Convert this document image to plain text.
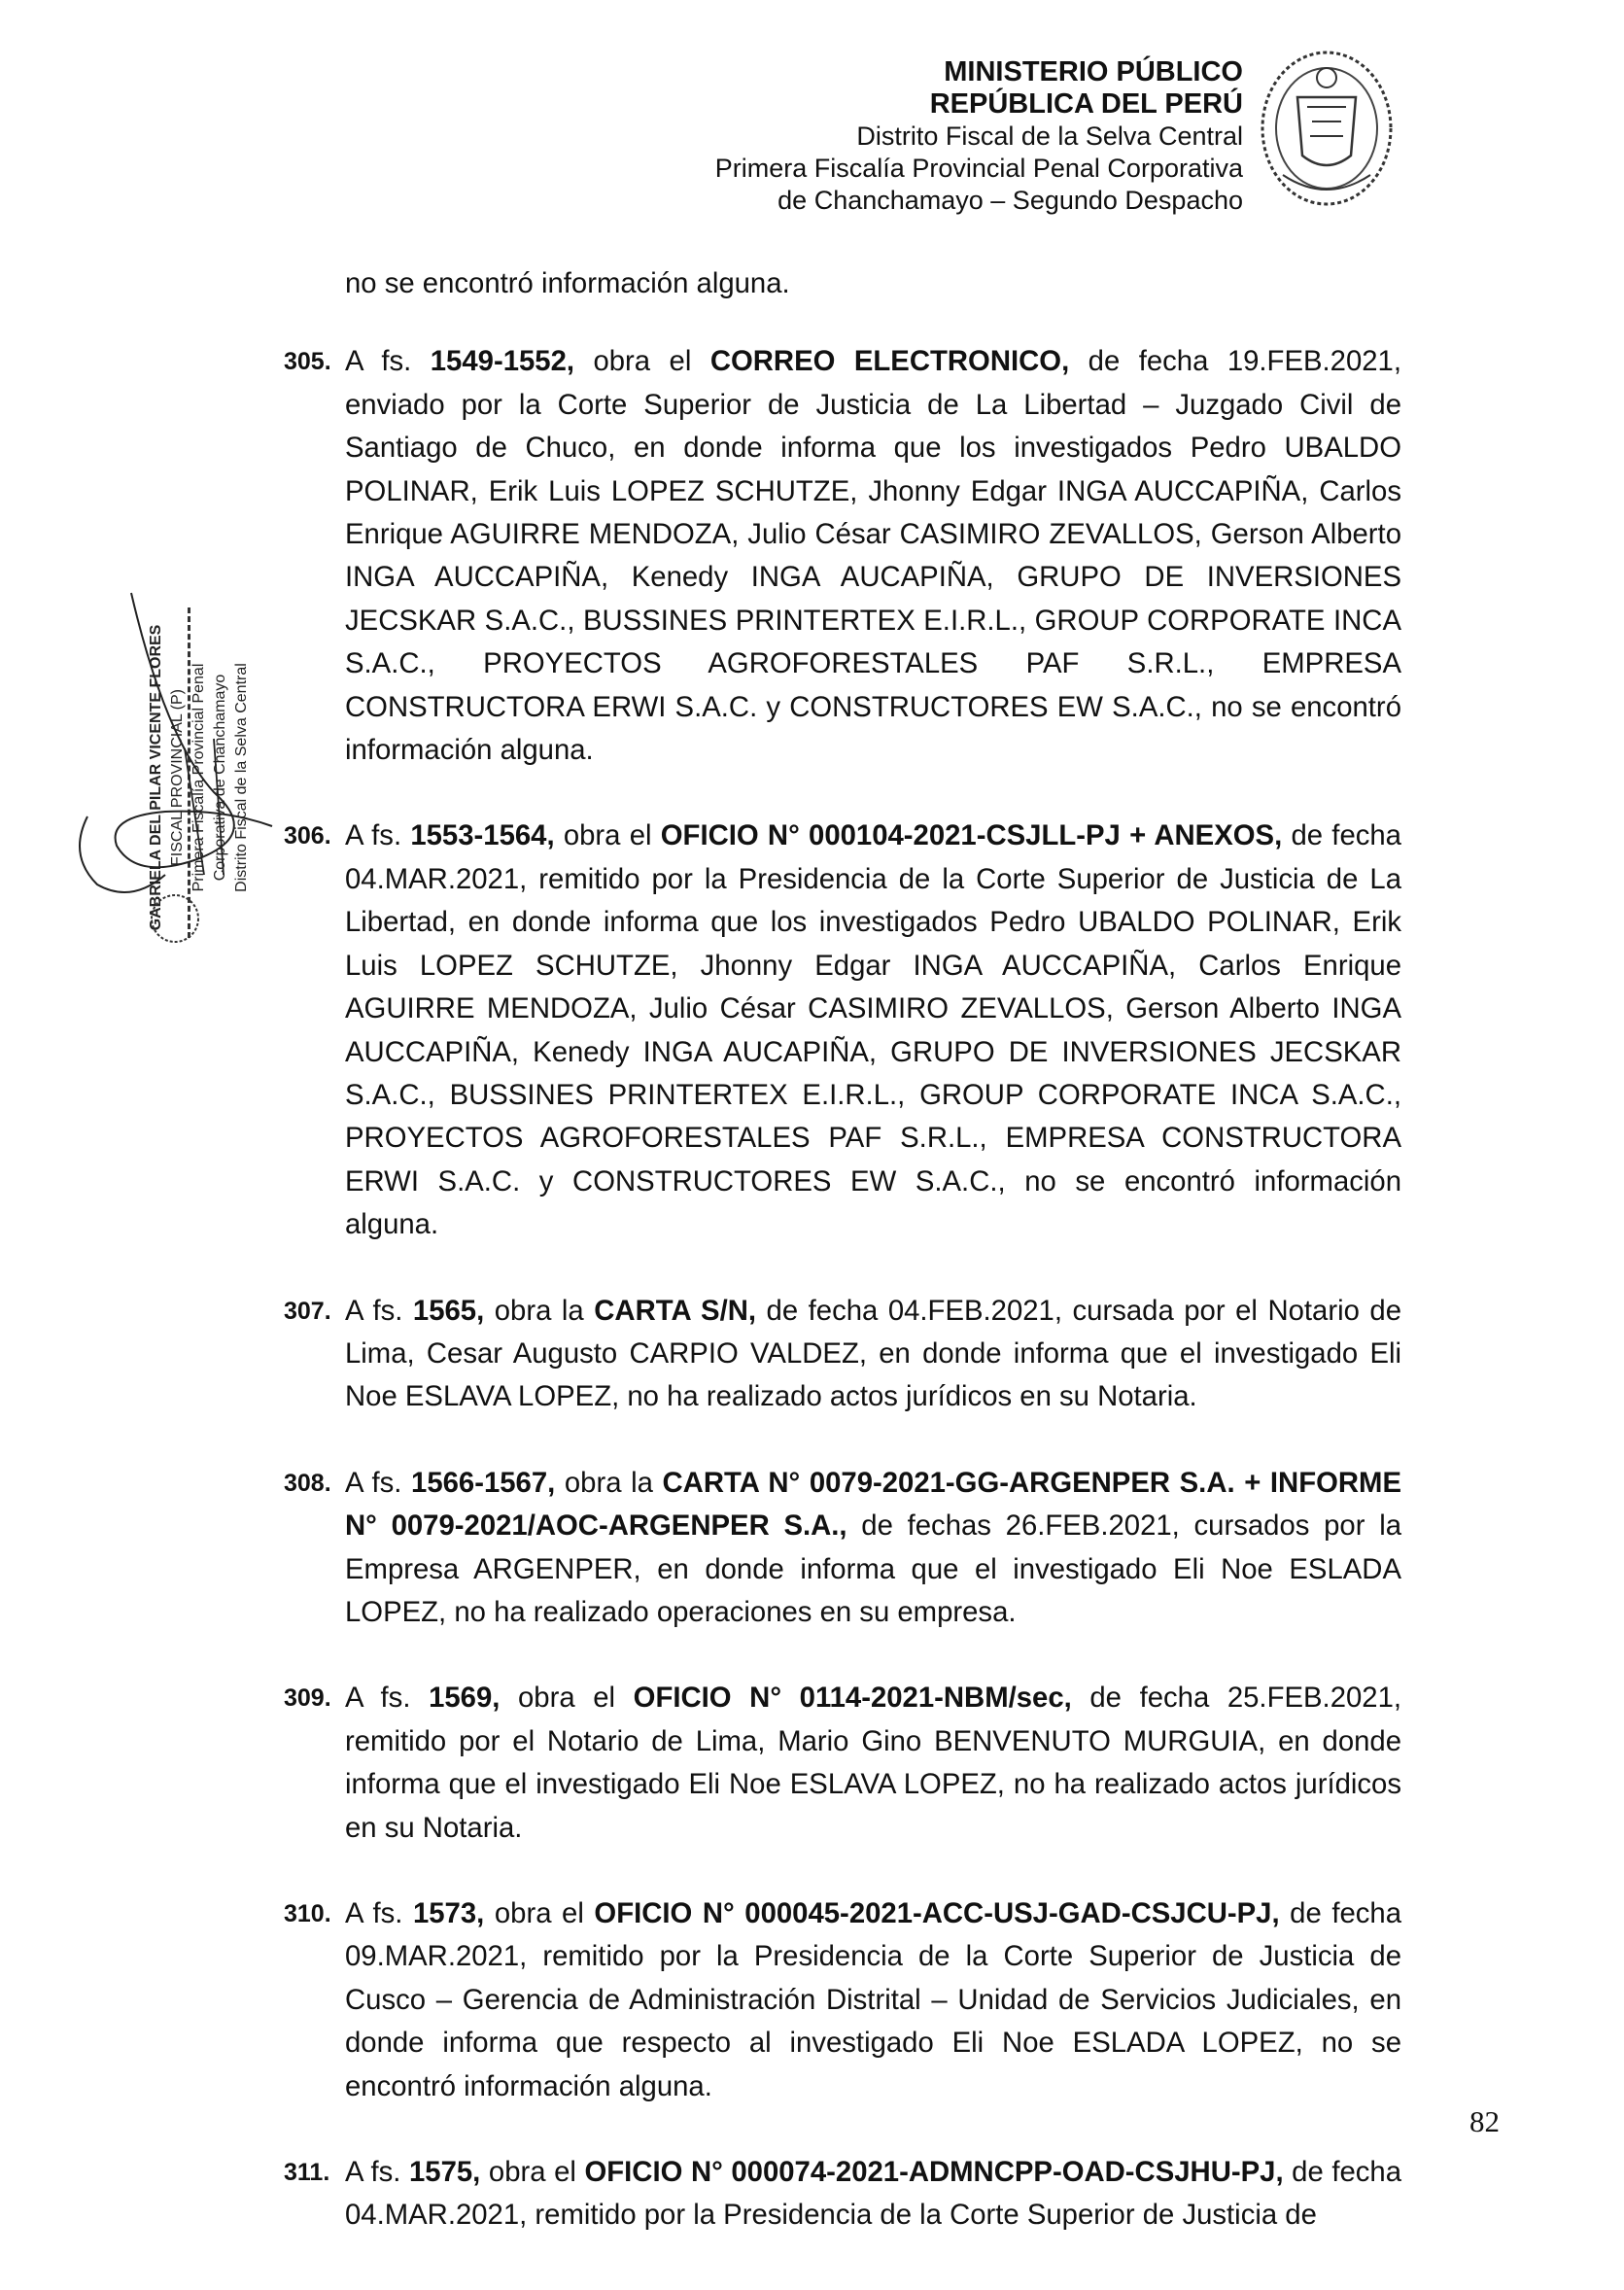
MINISTERIO PÚBLICO
REPÚBLICA DEL PERÚ
Distrito Fiscal de la Selva Central
Primera Fiscalía Provincial Penal Corporativa
de Chanchamayo – Segundo Despacho
GABRIELA DEL PILAR VICENTE FLORES FISCAL PROVINCIAL (P) Primera Fiscalía Provincial Penal Corporativa de Chanchamayo Distrito Fiscal de la Selva Central

no se encontró información alguna.

305. A fs. 1549-1552, obra el CORREO ELECTRONICO, de fecha 19.FEB.2021, enviado por la Corte Superior de Justicia de La Libertad – Juzgado Civil de Santiago de Chuco, en donde informa que los investigados Pedro UBALDO POLINAR, Erik Luis LOPEZ SCHUTZE, Jhonny Edgar INGA AUCCAPIÑA, Carlos Enrique AGUIRRE MENDOZA, Julio César CASIMIRO ZEVALLOS, Gerson Alberto INGA AUCCAPIÑA, Kenedy INGA AUCAPIÑA, GRUPO DE INVERSIONES JECSKAR S.A.C., BUSSINES PRINTERTEX E.I.R.L., GROUP CORPORATE INCA S.A.C., PROYECTOS AGROFORESTALES PAF S.R.L., EMPRESA CONSTRUCTORA ERWI S.A.C. y CONSTRUCTORES EW S.A.C., no se encontró información alguna.

306. A fs. 1553-1564, obra el OFICIO N° 000104-2021-CSJLL-PJ + ANEXOS, de fecha 04.MAR.2021, remitido por la Presidencia de la Corte Superior de Justicia de La Libertad, en donde informa que los investigados Pedro UBALDO POLINAR, Erik Luis LOPEZ SCHUTZE, Jhonny Edgar INGA AUCCAPIÑA, Carlos Enrique AGUIRRE MENDOZA, Julio César CASIMIRO ZEVALLOS, Gerson Alberto INGA AUCCAPIÑA, Kenedy INGA AUCAPIÑA, GRUPO DE INVERSIONES JECSKAR S.A.C., BUSSINES PRINTERTEX E.I.R.L., GROUP CORPORATE INCA S.A.C., PROYECTOS AGROFORESTALES PAF S.R.L., EMPRESA CONSTRUCTORA ERWI S.A.C. y CONSTRUCTORES EW S.A.C., no se encontró información alguna.

307. A fs. 1565, obra la CARTA S/N, de fecha 04.FEB.2021, cursada por el Notario de Lima, Cesar Augusto CARPIO VALDEZ, en donde informa que el investigado Eli Noe ESLAVA LOPEZ, no ha realizado actos jurídicos en su Notaria.

308. A fs. 1566-1567, obra la CARTA N° 0079-2021-GG-ARGENPER S.A. + INFORME N° 0079-2021/AOC-ARGENPER S.A., de fechas 26.FEB.2021, cursados por la Empresa ARGENPER, en donde informa que el investigado Eli Noe ESLADA LOPEZ, no ha realizado operaciones en su empresa.

309. A fs. 1569, obra el OFICIO N° 0114-2021-NBM/sec, de fecha 25.FEB.2021, remitido por el Notario de Lima, Mario Gino BENVENUTO MURGUIA, en donde informa que el investigado Eli Noe ESLAVA LOPEZ, no ha realizado actos jurídicos en su Notaria.

310. A fs. 1573, obra el OFICIO N° 000045-2021-ACC-USJ-GAD-CSJCU-PJ, de fecha 09.MAR.2021, remitido por la Presidencia de la Corte Superior de Justicia de Cusco – Gerencia de Administración Distrital – Unidad de Servicios Judiciales, en donde informa que respecto al investigado Eli Noe ESLADA LOPEZ, no se encontró información alguna.

311. A fs. 1575, obra el OFICIO N° 000074-2021-ADMNCPP-OAD-CSJHU-PJ, de fecha 04.MAR.2021, remitido por la Presidencia de la Corte Superior de Justicia de

82
